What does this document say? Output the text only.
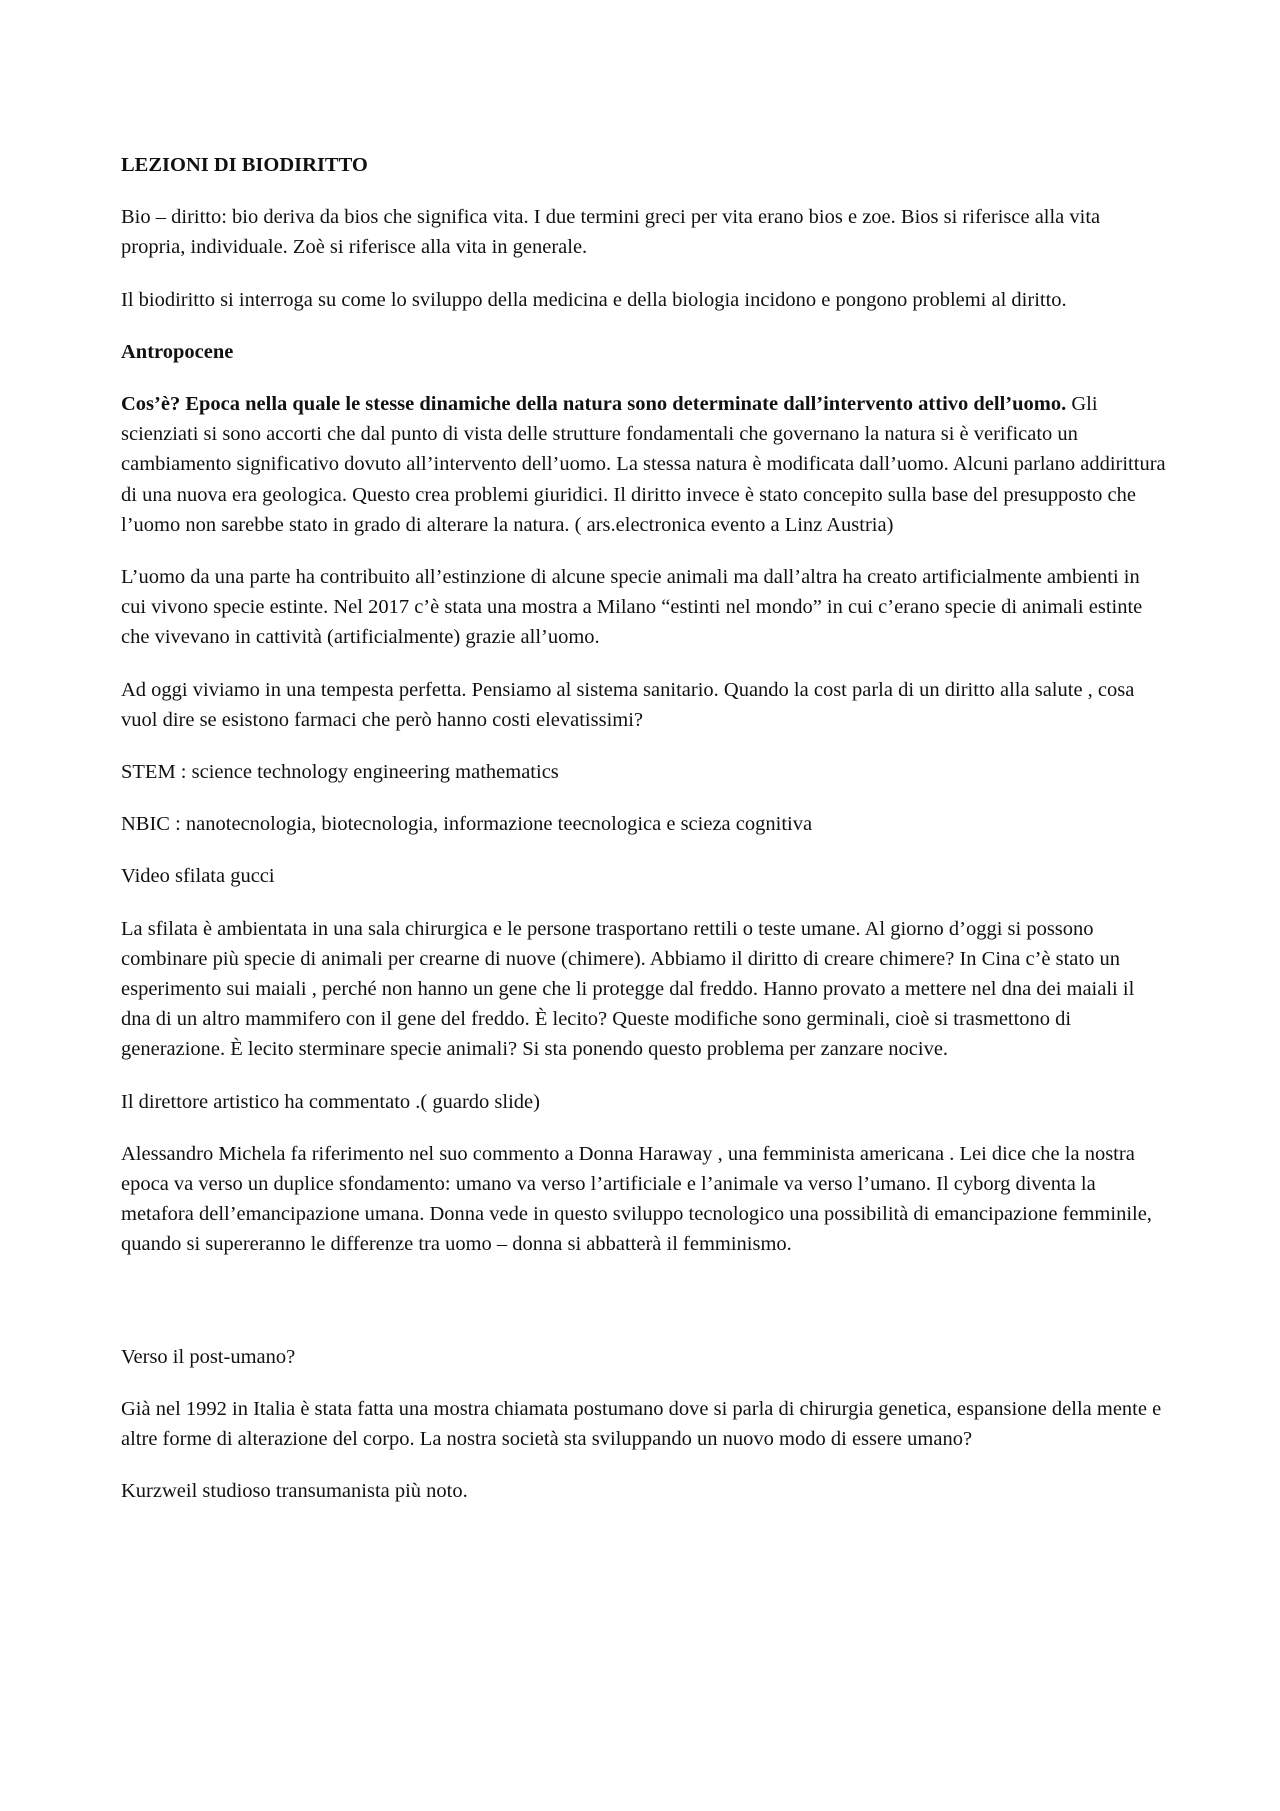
LEZIONI DI BIODIRITTO

Bio – diritto: bio deriva da bios che significa vita. I due termini greci per vita erano bios e zoe. Bios si riferisce alla vita propria, individuale. Zoè si riferisce alla vita in generale.

Il biodiritto si interroga su come lo sviluppo della medicina e della biologia incidono e pongono problemi al diritto.

Antropocene

Cos’è? Epoca nella quale le stesse dinamiche della natura sono determinate dall’intervento attivo dell’uomo. Gli scienziati si sono accorti che dal punto di vista delle strutture fondamentali che governano la natura si è verificato un cambiamento significativo dovuto all’intervento dell’uomo. La stessa natura è modificata dall’uomo. Alcuni parlano addirittura di una nuova era geologica. Questo crea problemi giuridici. Il diritto invece è stato concepito sulla base del presupposto che l’uomo non sarebbe stato in grado di alterare la natura. ( ars.electronica evento a Linz Austria)

L’uomo da una parte ha contribuito all’estinzione di alcune specie animali ma dall’altra ha creato artificialmente ambienti in cui vivono specie estinte. Nel 2017 c’è stata una mostra a Milano “estinti nel mondo” in cui c’erano specie di animali estinte che vivevano in cattività (artificialmente) grazie all’uomo.

Ad oggi viviamo in una tempesta perfetta. Pensiamo al sistema sanitario. Quando la cost parla di un diritto alla salute , cosa vuol dire se esistono farmaci che però hanno costi elevatissimi?

STEM : science technology engineering mathematics

NBIC : nanotecnologia, biotecnologia, informazione teecnologica e scieza cognitiva

Video sfilata gucci

La sfilata è ambientata in una sala chirurgica e le persone trasportano rettili o teste umane. Al giorno d’oggi si possono combinare più specie di animali per crearne di nuove (chimere). Abbiamo il diritto di creare chimere? In Cina c’è stato un esperimento sui maiali , perché non hanno un gene che li protegge dal freddo. Hanno provato a mettere nel dna dei maiali il dna di un altro mammifero con il gene del freddo. È lecito? Queste modifiche sono germinali, cioè si trasmettono di generazione. È lecito sterminare specie animali? Si sta ponendo questo problema per zanzare nocive.

Il direttore artistico ha commentato .( guardo slide)

Alessandro Michela fa riferimento nel suo commento a Donna Haraway , una femminista americana . Lei dice che la nostra epoca va verso un duplice sfondamento: umano va verso l’artificiale e l’animale va verso l’umano. Il cyborg diventa la metafora dell’emancipazione umana. Donna vede in questo sviluppo tecnologico una possibilità di emancipazione femminile, quando si supereranno le differenze tra uomo – donna si abbatterà il femminismo.

Verso il post-umano?

Già nel 1992 in Italia è stata fatta una mostra chiamata postumano dove si parla di chirurgia genetica, espansione della mente e altre forme di alterazione del corpo. La nostra società sta sviluppando un nuovo modo di essere umano?

Kurzweil studioso transumanista più noto.
